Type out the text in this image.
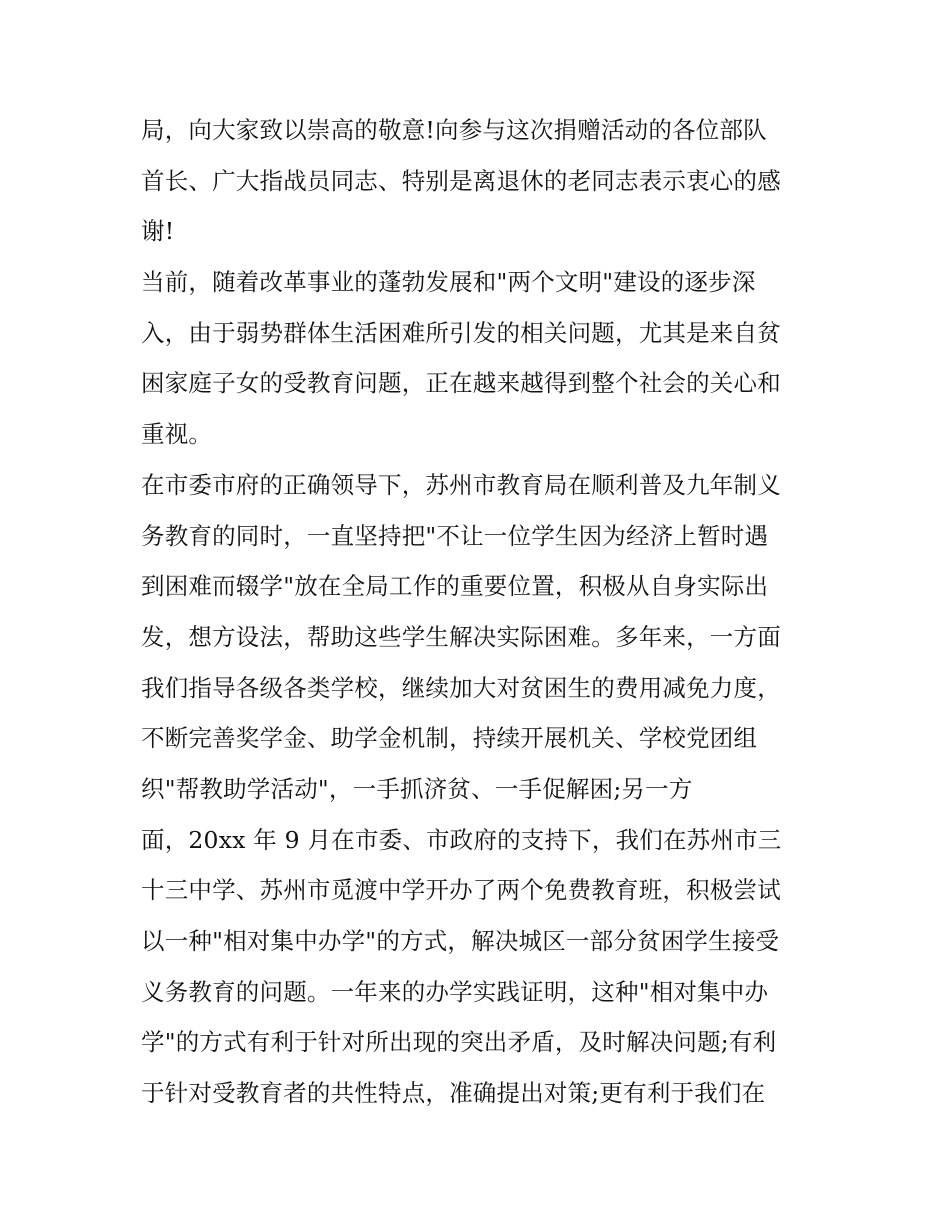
局，向大家致以崇高的敬意!向参与这次捐赠活动的各位部队
首长、广大指战员同志、特别是离退休的老同志表示衷心的感
谢!
当前，随着改革事业的蓬勃发展和"两个文明"建设的逐步深
入，由于弱势群体生活困难所引发的相关问题，尤其是来自贫
困家庭子女的受教育问题，正在越来越得到整个社会的关心和
重视。
在市委市府的正确领导下，苏州市教育局在顺利普及九年制义
务教育的同时，一直坚持把"不让一位学生因为经济上暂时遇
到困难而辍学"放在全局工作的重要位置，积极从自身实际出
发，想方设法，帮助这些学生解决实际困难。多年来，一方面
我们指导各级各类学校，继续加大对贫困生的费用减免力度，
不断完善奖学金、助学金机制，持续开展机关、学校党团组
织"帮教助学活动"，一手抓济贫、一手促解困;另一方
面，20xx 年 9 月在市委、市政府的支持下，我们在苏州市三
十三中学、苏州市觅渡中学开办了两个免费教育班，积极尝试
以一种"相对集中办学"的方式，解决城区一部分贫困学生接受
义务教育的问题。一年来的办学实践证明，这种"相对集中办
学"的方式有利于针对所出现的突出矛盾，及时解决问题;有利
于针对受教育者的共性特点，准确提出对策;更有利于我们在
